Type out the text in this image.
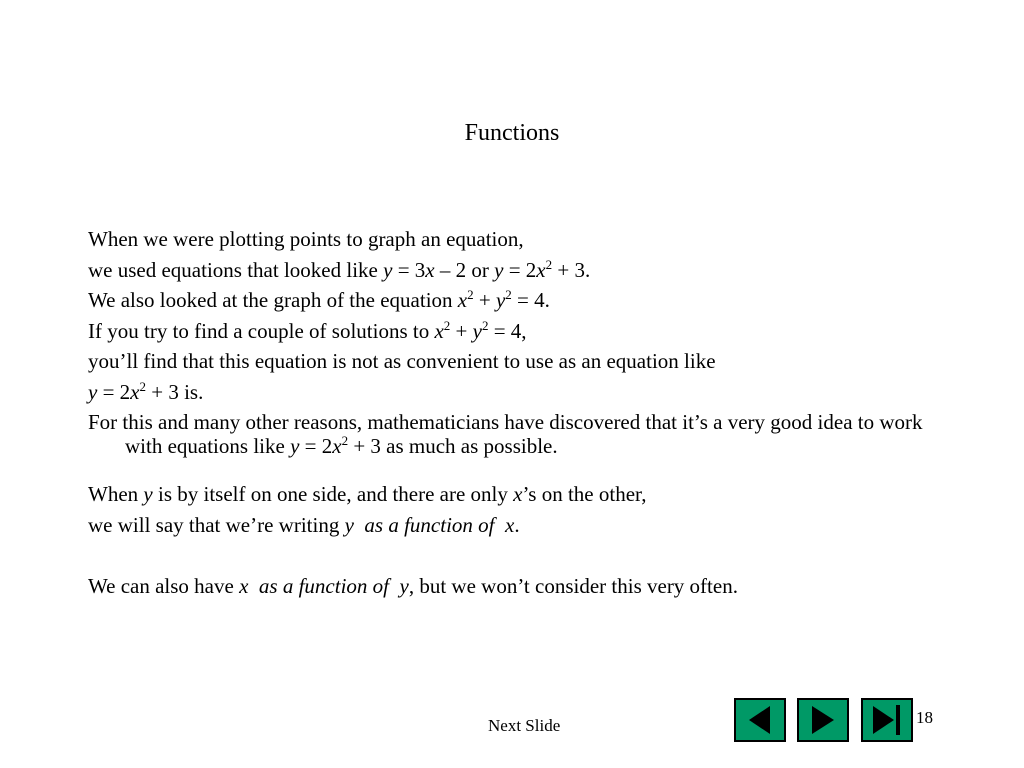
Functions
When we were plotting points to graph an equation,
we used equations that looked like y = 3x – 2 or $y = 2x^2 + 3$.
We also looked at the graph of the equation $x^2 + y^2 = 4$.
If you try to find a couple of solutions to $x^2 + y^2 = 4$,
you’ll find that this equation is not as convenient to use as an equation like
$y = 2x^2 + 3$ is.
For this and many other reasons, mathematicians have discovered that it’s a very good idea to work with equations like $y = 2x^2 + 3$ as much as possible.
When y is by itself on one side, and there are only x’s on the other,
we will say that we’re writing y as a function of x.
We can also have x as a function of y, but we won’t consider this very often.
Next Slide	18
